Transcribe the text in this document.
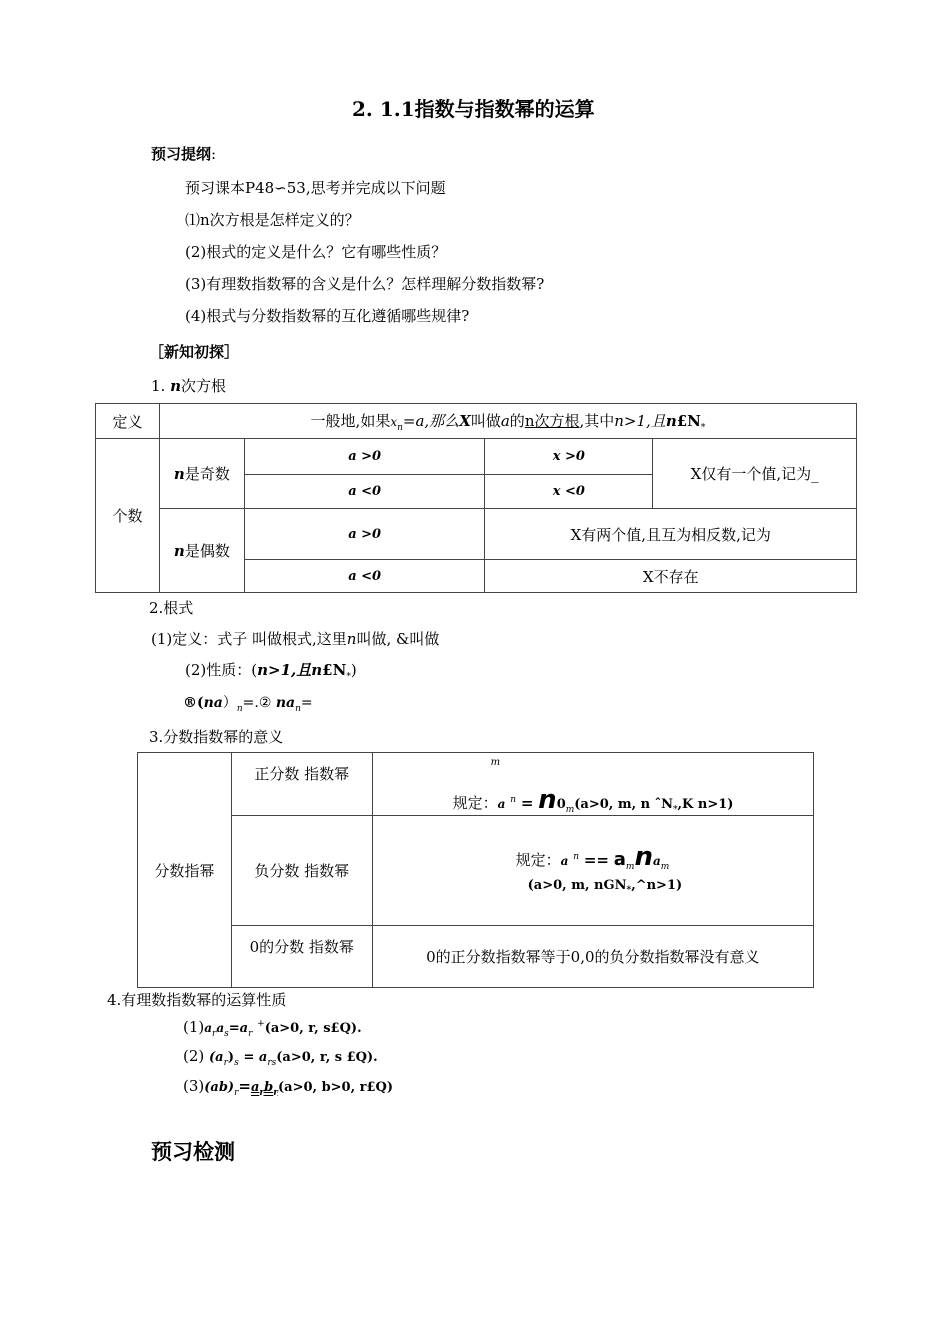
2. 1.1指数与指数幂的运算
预习提纲:
预习课本P48∽53,思考并完成以下问题
⑴n次方根是怎样定义的？
(2)根式的定义是什么？它有哪些性质？
(3)有理数指数幂的含义是什么？怎样理解分数指数幂?
(4)根式与分数指数幂的互化遵循哪些规律?
［新知初探］
1. n次方根
定义	一般地,如果$x_n=a$,那么X叫做a的n次方根,其中n>1,且$n£N_*$
个数	n是奇数	a >0	x >0	X仅有一个值,记为_
		a <0	x <0	
	n是偶数	a >0	X有两个值,且互为相反数,记为	
		a <0	X不存在	
2.根式
(1)定义：式子 叫做根式,这里n叫做, &叫做
(2)性质：(n>1,且$n£N_*$)
$®(na)_n=.②$ $na_n=$
3.分数指数幂的意义
分数指幂	正分数 指数幂	m
规定：a $^n = n0_m(a>0$, m, n ˆN$_*$,K n>1)

	负分数 指数幂	规定：a $^n == a_mna_m$
(a>0, m, nGN$_*$,^n>1)

	0的分数 指数幂	0的正分数指数幂等于0,0的负分数指数幂没有意义
4.有理数指数幂的运算性质
$(1)a_ra_s=a_r$ +(a>0, r, s£Q).
(2) $(a_r)_s = a_{rs}(a>0$, r, s £Q).
$(3)(ab)_r=a_rb_r(a>0$, b>0, r£Q)
预习检测
